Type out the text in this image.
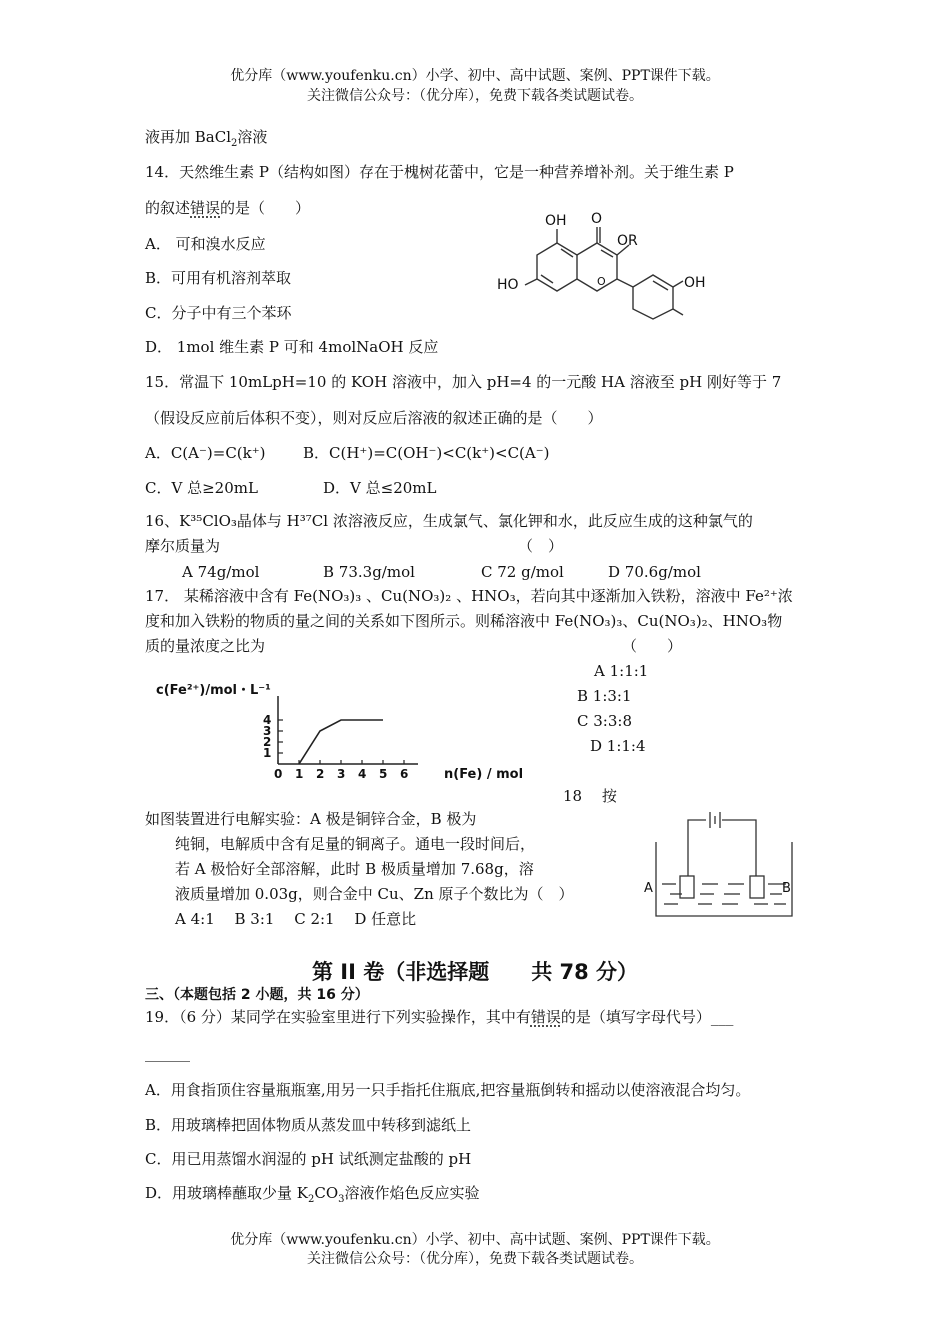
优分库（www.youfenku.cn）小学、初中、高中试题、案例、PPT课件下载。
关注微信公众号：（优分库），免费下载各类试题试卷。
液再加 BaCl$_2$溶液
14．天然维生素 P（结构如图）存在于槐树花蕾中，它是一种营养增补剂。关于维生素 P
的叙述错误的是（　　）
A． 可和溴水反应
B．可用有机溶剂萃取
C．分子中有三个苯环
D． 1mol 维生素 P 可和 4molNaOH 反应
OH O
OR
HO	OH
O
15．常温下 10mLpH=10 的 KOH 溶液中，加入 pH=4 的一元酸 HA 溶液至 pH 刚好等于 7
（假设反应前后体积不变），则对反应后溶液的叙述正确的是（　　）
A．C(A⁻)=C(k⁺) B．C(H⁺)=C(OH⁻)<C(k⁺)<C(A⁻)
C．V 总≥20mL	D．V 总≤20mL
16、K³⁵ClO₃晶体与 H³⁷Cl 浓溶液反应，生成氯气、氯化钾和水，此反应生成的这种氯气的
摩尔质量为	（　）
A 74g/mol	B 73.3g/mol	C 72 g/mol	D 70.6g/mol
17． 某稀溶液中含有 Fe(NO₃)₃ 、Cu(NO₃)₂ 、HNO₃，若向其中逐渐加入铁粉，溶液中 Fe²⁺浓
度和加入铁粉的物质的量之间的关系如下图所示。则稀溶液中 Fe(NO₃)₃、Cu(NO₃)₂、HNO₃物
质的量浓度之比为	（　　）
A 1:1:1
B 1:3:1
C 3:3:8
D 1:1:4
c(Fe²⁺)/mol・L⁻¹
n(Fe) / mol
0 1 2 3 4 5 6
1
2
3
4
18　 按
如图装置进行电解实验：A 极是铜锌合金，B 极为
纯铜，电解质中含有足量的铜离子。通电一段时间后，
若 A 极恰好全部溶解，此时 B 极质量增加 7.68g，溶
液质量增加 0.03g，则合金中 Cu、Zn 原子个数比为（　）
A 4:1　 B 3:1　 C 2:1　 D 任意比
A	B
第 II 卷（非选择题　　共 78 分）
三、（本题包括 2 小题，共 16 分）
19．（6 分）某同学在实验室里进行下列实验操作，其中有错误的是（填写字母代号）___
______
A．用食指顶住容量瓶瓶塞,用另一只手指托住瓶底,把容量瓶倒转和摇动以使溶液混合均匀。
B．用玻璃棒把固体物质从蒸发皿中转移到滤纸上
C．用已用蒸馏水润湿的 pH 试纸测定盐酸的 pH
D．用玻璃棒蘸取少量 $K_2CO_3$溶液作焰色反应实验
优分库（www.youfenku.cn）小学、初中、高中试题、案例、PPT课件下载。
关注微信公众号：（优分库），免费下载各类试题试卷。
